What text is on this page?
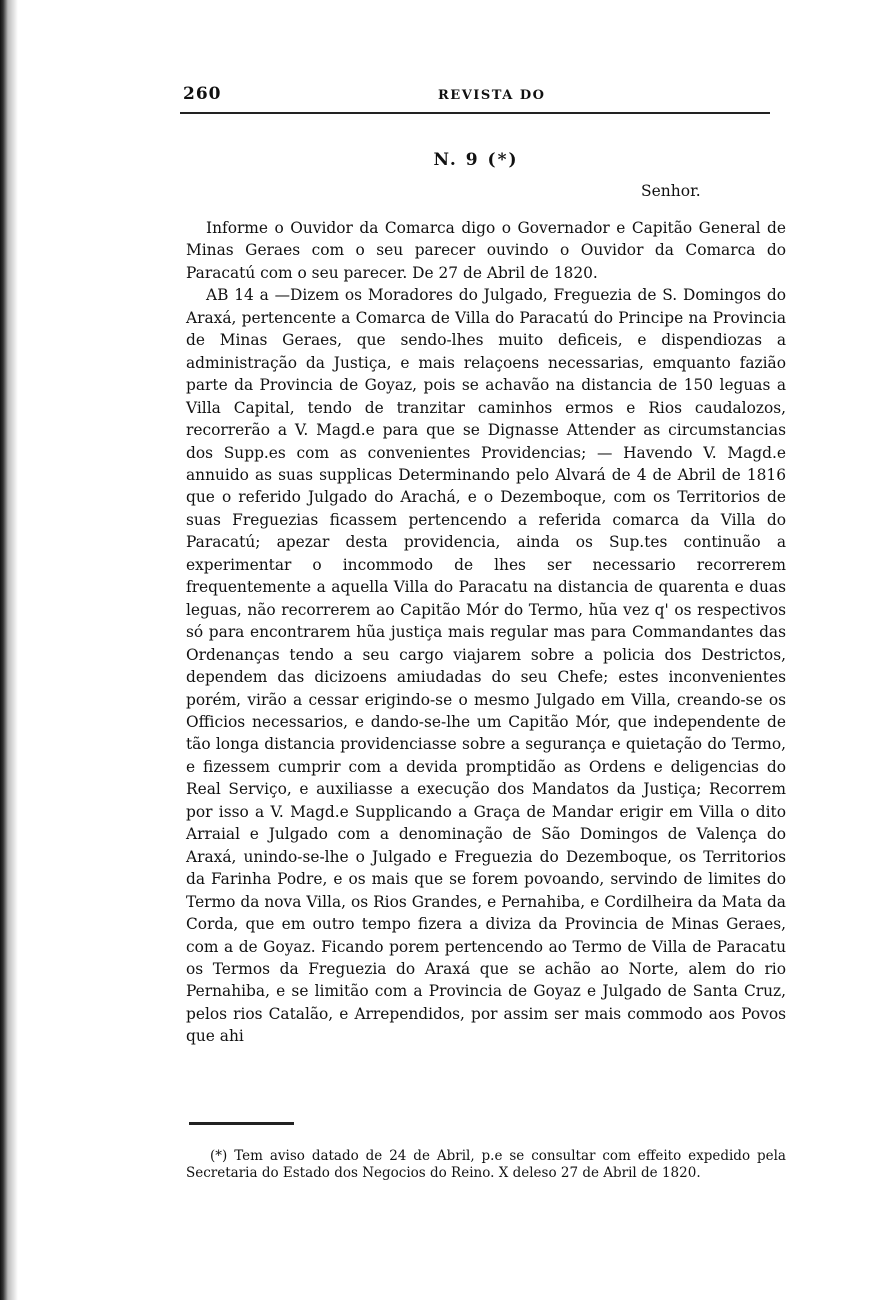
260	REVISTA DO
N. 9 (*)
Senhor.

Informe o Ouvidor da Comarca digo o Governador e Capitão General de Minas Geraes com o seu parecer ouvindo o Ouvidor da Comarca do Paracatú com o seu parecer. De 27 de Abril de 1820.

AB 14 a —Dizem os Moradores do Julgado, Freguezia de S. Domingos do Araxá, pertencente a Comarca de Villa do Paracatú do Principe na Provincia de Minas Geraes, que sendo-lhes muito deficeis, e dispendiozas a administração da Justiça, e mais relaçoens necessarias, emquanto fazião parte da Provincia de Goyaz, pois se achavão na distancia de 150 leguas a Villa Capital, tendo de tranzitar caminhos ermos e Rios caudalozos, recorrerão a V. Magd.e para que se Dignasse Attender as circumstancias dos Supp.es com as convenientes Providencias; — Havendo V. Magd.e annuido as suas supplicas Determinando pelo Alvará de 4 de Abril de 1816 que o referido Julgado do Arachá, e o Dezemboque, com os Territorios de suas Freguezias ficassem pertencendo a referida comarca da Villa do Paracatú; apezar desta providencia, ainda os Sup.tes continuão a experimentar o incommodo de lhes ser necessario recorrerem frequentemente a aquella Villa do Paracatu na distancia de quarenta e duas leguas, não recorrerem ao Capitão Mór do Termo, hũa vez q' os respectivos só para encontrarem hũa justiça mais regular mas para Commandantes das Ordenanças tendo a seu cargo viajarem sobre a policia dos Destrictos, dependem das dicizoens amiudadas do seu Chefe; estes inconvenientes porém, virão a cessar erigindo-se o mesmo Julgado em Villa, creando-se os Officios necessarios, e dando-se-lhe um Capitão Mór, que independente de tão longa distancia providenciasse sobre a segurança e quietação do Termo, e fizessem cumprir com a devida promptidão as Ordens e deligencias do Real Serviço, e auxiliasse a execução dos Mandatos da Justiça; Recorrem por isso a V. Magd.e Supplicando a Graça de Mandar erigir em Villa o dito Arraial e Julgado com a denominação de São Domingos de Valença do Araxá, unindo-se-lhe o Julgado e Freguezia do Dezemboque, os Territorios da Farinha Podre, e os mais que se forem povoando, servindo de limites do Termo da nova Villa, os Rios Grandes, e Pernahiba, e Cordilheira da Mata da Corda, que em outro tempo fizera a diviza da Provincia de Minas Geraes, com a de Goyaz. Ficando porem pertencendo ao Termo de Villa de Paracatu os Termos da Freguezia do Araxá que se achão ao Norte, alem do rio Pernahiba, e se limitão com a Provincia de Goyaz e Julgado de Santa Cruz, pelos rios Catalão, e Arrependidos, por assim ser mais commodo aos Povos que ahi

(*) Tem aviso datado de 24 de Abril, p.e se consultar com effeito expedido pela Secretaria do Estado dos Negocios do Reino. X deleso 27 de Abril de 1820.
